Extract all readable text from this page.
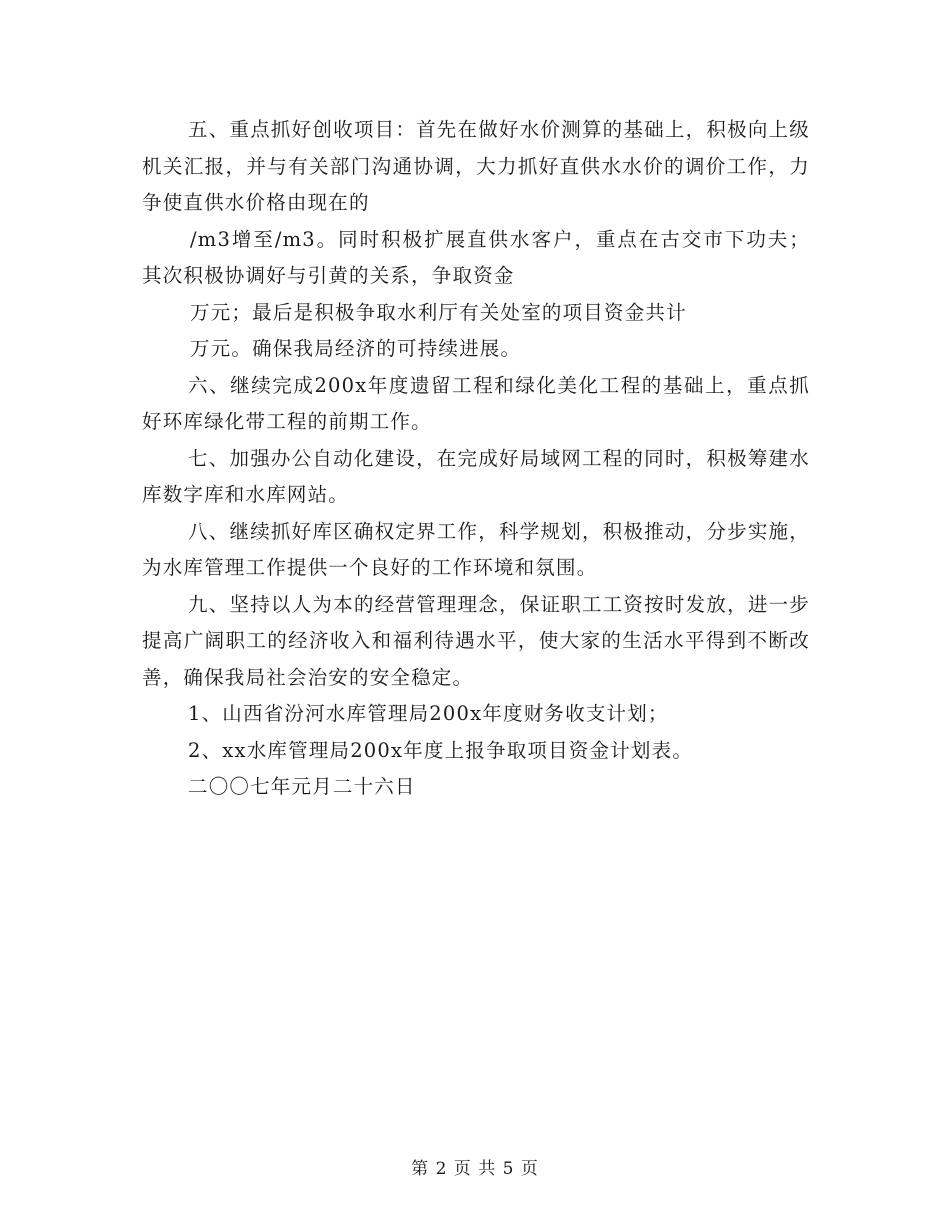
五、重点抓好创收项目：首先在做好水价测算的基础上，积极向上级机关汇报，并与有关部门沟通协调，大力抓好直供水水价的调价工作，力争使直供水价格由现在的

/m3增至/m3。同时积极扩展直供水客户，重点在古交市下功夫；其次积极协调好与引黄的关系，争取资金

万元；最后是积极争取水利厅有关处室的项目资金共计

万元。确保我局经济的可持续进展。

六、继续完成200x年度遗留工程和绿化美化工程的基础上，重点抓好环库绿化带工程的前期工作。

七、加强办公自动化建设，在完成好局域网工程的同时，积极筹建水库数字库和水库网站。

八、继续抓好库区确权定界工作，科学规划，积极推动，分步实施，为水库管理工作提供一个良好的工作环境和氛围。

九、坚持以人为本的经营管理理念，保证职工工资按时发放，进一步提高广阔职工的经济收入和福利待遇水平，使大家的生活水平得到不断改善，确保我局社会治安的安全稳定。

1、山西省汾河水库管理局200x年度财务收支计划；

2、xx水库管理局200x年度上报争取项目资金计划表。

二〇〇七年元月二十六日

第 2 页 共 5 页
